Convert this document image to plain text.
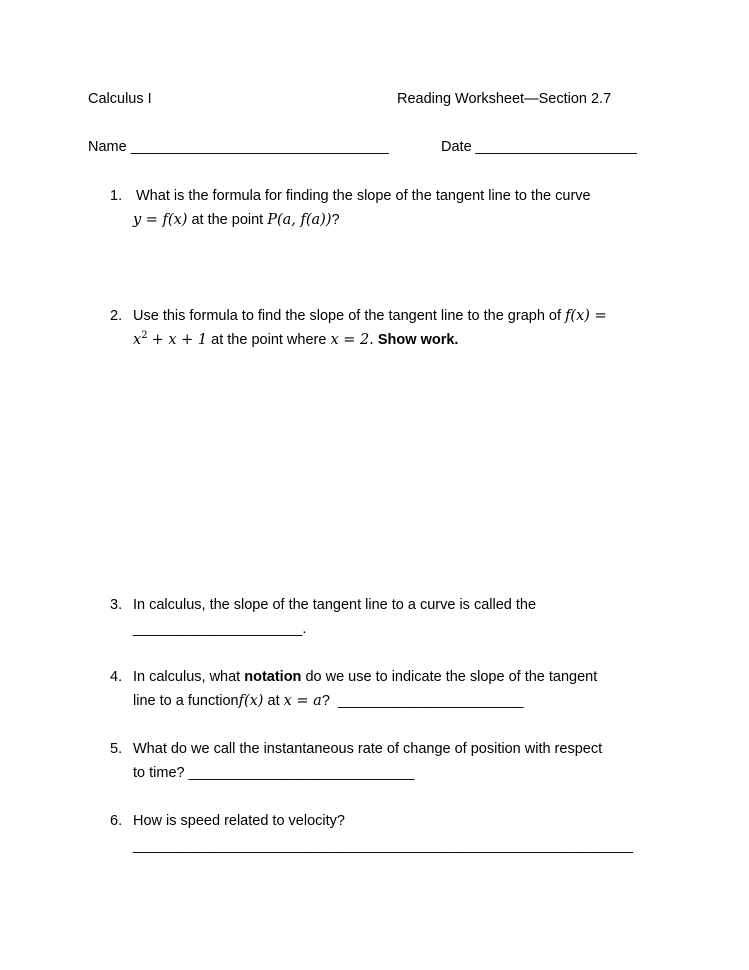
Calculus I	Reading Worksheet—Section 2.7
Name ________________________________	Date ____________________
1. What is the formula for finding the slope of the tangent line to the curve
y = f(x) at the point P(a, f(a))?
2. Use this formula to find the slope of the tangent line to the graph of f(x) =
$x^2 + x + 1$ at the point where x = 2. Show work.
3. In calculus, the slope of the tangent line to a curve is called the
_____________________.
4. In calculus, what notation do we use to indicate the slope of the tangent
line to a functionf(x) at x = a? _______________________
5. What do we call the instantaneous rate of change of position with respect
to time? ____________________________
6. How is speed related to velocity?
______________________________________________________________
